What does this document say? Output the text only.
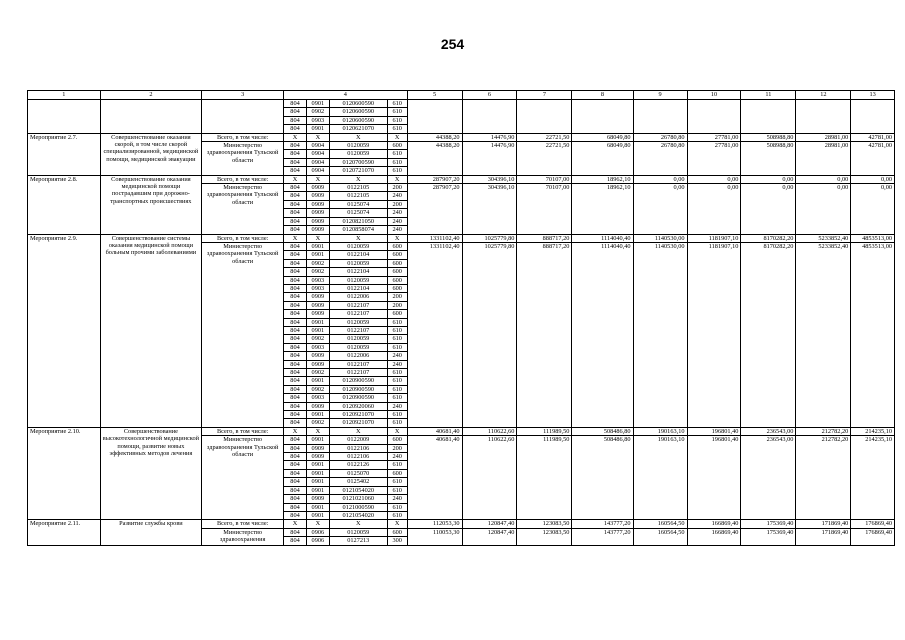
254
1	2	3	4				5	6	7	8	9	10	11	12	13
			804	0901	0120600590	610									
			804	0902	0120600590	610									
			804	0903	0120600590	610									
			804	0901	0120621070	610									
Мероприятие 2.7.	Совершенствование оказания скорой, в том числе скорой специализированной, медицинской помощи, медицинской эвакуации	Всего, в том числе:	X	X	X	X	44388,20	14476,90	22721,50	68049,80	26780,80	27781,00	508988,80	28981,00	42781,00
		Министерство здравоохранения Тульской области	804	0904	0120059	600	44388,20	14476,90	22721,50	68049,80	26780,80	27781,00	508988,80	28981,00	42781,00
			804	0904	0120059	610									
			804	0904	0120700590	610									
			804	0904	0120721070	610									
Мероприятие 2.8.	Совершенствование оказания медицинской помощи пострадавшим при дорожно-транспортных происшествиях	Всего, в том числе:	X	X	X	X	287907,20	304396,10	70107,00	18962,10	0,00	0,00	0,00	0,00	0,00
		Министерство здравоохранения Тульской области	804	0909	0122105	200	287907,20	304396,10	70107,00	18962,10	0,00	0,00	0,00	0,00	0,00
			804	0909	0122105	240									
			804	0909	0125074	200									
			804	0909	0125074	240									
			804	0909	0120821050	240									
			804	0909	0120858074	240									
Мероприятие 2.9.	Совершенствование системы оказания медицинской помощи больным прочими заболеваниями	Всего, в том числе:	X	X	X	X	1331102,40	1025779,80	888717,20	1114040,40	1140530,00	1181907,10	8170282,20	5233852,40	4853513,00
		Министерство здравоохранения Тульской области	804	0901	0120059	600	1331102,40	1025779,80	888717,20	1114040,40	1140530,00	1181907,10	8170282,20	5233852,40	4853513,00
			804	0901	0122104	600									
			804	0902	0120059	600									
			804	0902	0122104	600									
			804	0903	0120059	600									
			804	0903	0122104	600									
			804	0909	0122006	200									
			804	0909	0122107	200									
			804	0909	0122107	600									
			804	0901	0120059	610									
			804	0901	0122107	610									
			804	0902	0120059	610									
			804	0903	0120059	610									
			804	0909	0122006	240									
			804	0909	0122107	240									
			804	0902	0122107	610									
			804	0901	0120900590	610									
			804	0902	0120900590	610									
			804	0903	0120900590	610									
			804	0909	0120920060	240									
			804	0901	0120921070	610									
			804	0902	0120921070	610									
Мероприятие 2.10.	Совершенствование высокотехнологичной медицинской помощи, развитие новых эффективных методов лечения	Всего, в том числе:	X	X	X	X	40681,40	110622,60	111989,50	508486,80	190163,10	196801,40	236543,00	212782,20	214235,10
		Министерство здравоохранения Тульской области	804	0901	0122009	600	40681,40	110622,60	111989,50	508486,80	190163,10	196801,40	236543,00	212782,20	214235,10
			804	0909	0122106	200									
			804	0909	0122106	240									
			804	0901	0122126	610									
			804	0901	0125070	600									
			804	0901	0125402	610									
			804	0901	0121054020	610									
			804	0909	0121021060	240									
			804	0901	0121000590	610									
			804	0901	0121054020	610									
Мероприятие 2.11.	Развитие службы крови	Всего, в том числе:	X	X	X	X	112053,30	120847,40	123083,50	143777,20	160564,50	166869,40	175369,40	171869,40	176869,40
		Министерство здравоохранения	804	0906	0120059	600	110053,30	120847,40	123083,50	143777,20	160564,50	166869,40	175369,40	171869,40	176869,40
			804	0906	0127213	300									
